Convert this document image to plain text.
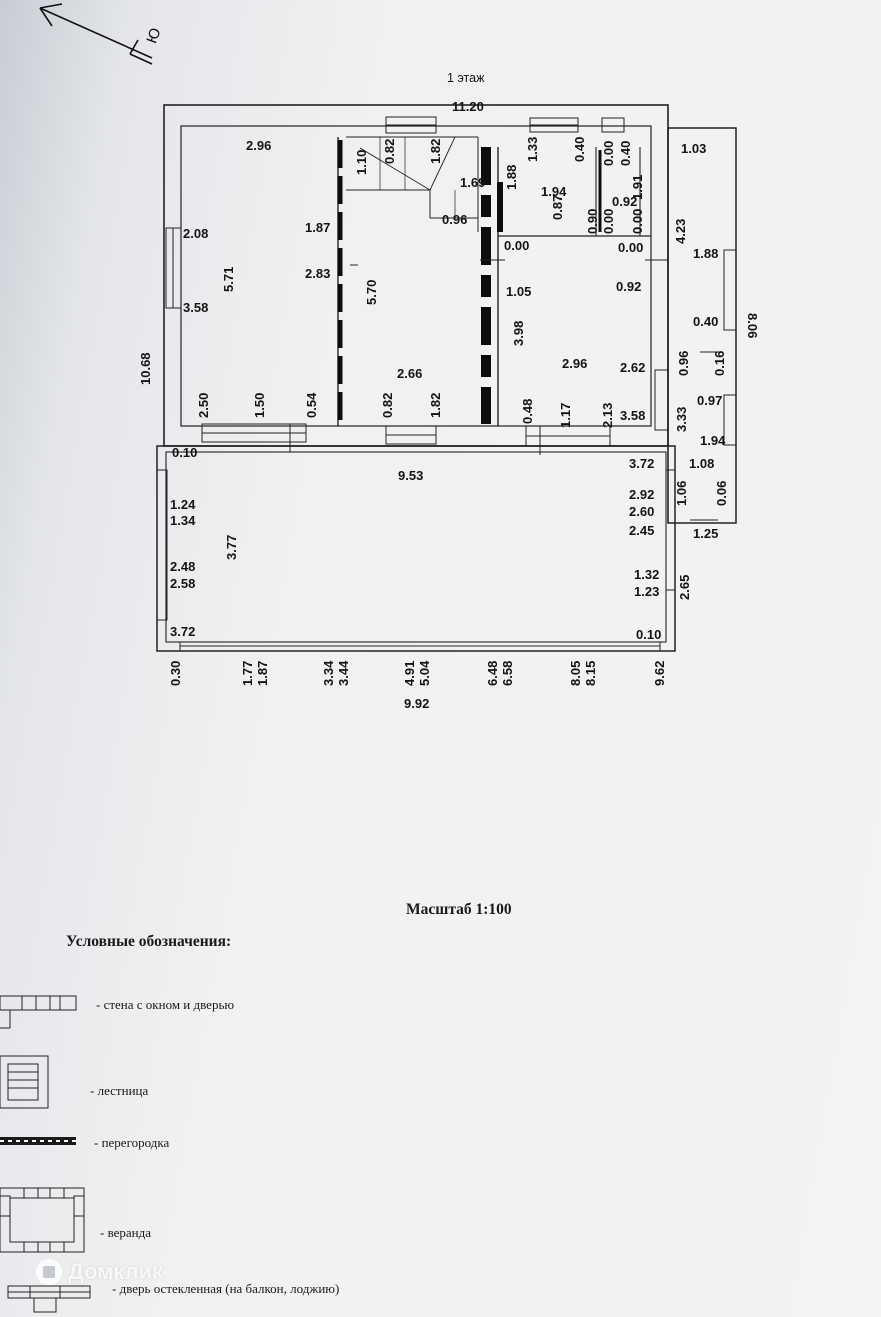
Ю
1 этаж
11.20
10.68
8.06
2.96
2.08
5.71
3.58
1.87
2.83
1.10 0.82 1.82
1.69
0.96
5.70
2.66
1.33
1.88
1.94
0.40
0.87
0.00
0.90
0.00
0.00
0.92
0.00
0.40
1.91
0.00
1.05
3.98
2.96
0.92
2.62
4.23
1.03
1.88
0.40
0.96 0.16
0.97
1.94
1.08
0.06
1.06
1.25
3.33
3.58
3.72
2.92
2.60
2.45
1.32
1.23
0.10
2.50	1.50	0.54	0.82	1.82	0.48 1.17 2.13
9.53
3.77
2.65
0.10
1.24
1.34
2.48
2.58
3.72
0.30	1.77 1.87	3.34 3.44	4.91 5.04	6.48 6.58	8.05 8.15	9.62
9.92
Масштаб 1:100
Условные обозначения:
- стена с окном и дверью
- лестница
- перегородка
- веранда
- дверь остекленная (на балкон, лоджию)
Домклик
